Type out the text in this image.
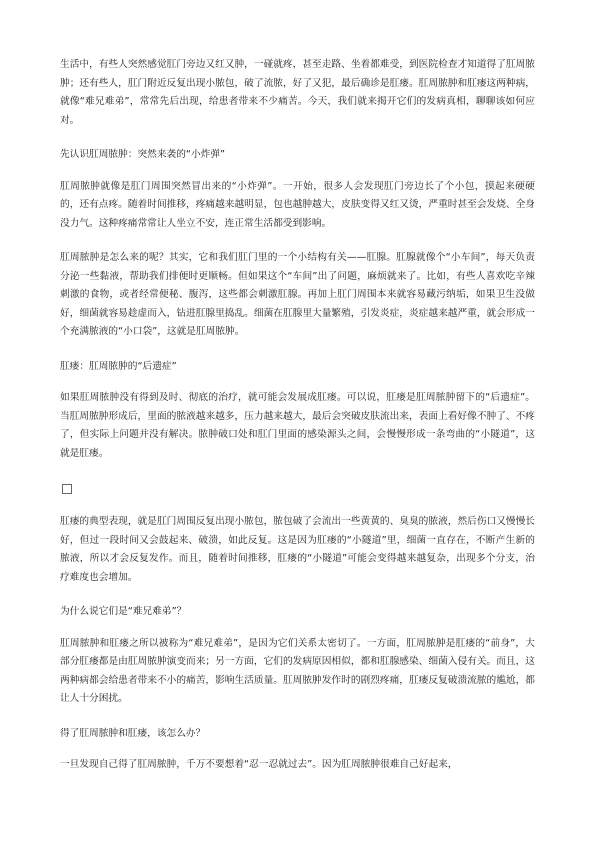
生活中，有些人突然感觉肛门旁边又红又肿，一碰就疼，甚至走路、坐着都难受，到医院检查才知道得了肛周脓肿；还有些人，肛门附近反复出现小脓包，破了流脓，好了又犯，最后确诊是肛瘘。肛周脓肿和肛瘘这两种病，就像“难兄难弟”，常常先后出现，给患者带来不少痛苦。今天，我们就来揭开它们的发病真相，聊聊该如何应对。

先认识肛周脓肿：突然来袭的“小炸弹”

肛周脓肿就像是肛门周围突然冒出来的“小炸弹”。一开始，很多人会发现肛门旁边长了个小包，摸起来硬硬的，还有点疼。随着时间推移，疼痛越来越明显，包也越肿越大，皮肤变得又红又烫，严重时甚至会发烧、全身没力气。这种疼痛常常让人坐立不安，连正常生活都受到影响。

肛周脓肿是怎么来的呢？其实，它和我们肛门里的一个小结构有关——肛腺。肛腺就像个“小车间”，每天负责分泌一些黏液，帮助我们排便时更顺畅。但如果这个“车间”出了问题，麻烦就来了。比如，有些人喜欢吃辛辣刺激的食物，或者经常便秘、腹泻，这些都会刺激肛腺。再加上肛门周围本来就容易藏污纳垢，如果卫生没做好，细菌就容易趁虚而入，钻进肛腺里捣乱。细菌在肛腺里大量繁殖，引发炎症，炎症越来越严重，就会形成一个充满脓液的“小口袋”，这就是肛周脓肿。

肛瘘：肛周脓肿的“后遗症”

如果肛周脓肿没有得到及时、彻底的治疗，就可能会发展成肛瘘。可以说，肛瘘是肛周脓肿留下的“后遗症”。当肛周脓肿形成后，里面的脓液越来越多，压力越来越大，最后会突破皮肤流出来，表面上看好像不肿了、不疼了，但实际上问题并没有解决。脓肿破口处和肛门里面的感染源头之间，会慢慢形成一条弯曲的“小隧道”，这就是肛瘘。

肛瘘的典型表现，就是肛门周围反复出现小脓包，脓包破了会流出一些黄黄的、臭臭的脓液，然后伤口又慢慢长好，但过一段时间又会鼓起来、破溃，如此反复。这是因为肛瘘的“小隧道”里，细菌一直存在，不断产生新的脓液，所以才会反复发作。而且，随着时间推移，肛瘘的“小隧道”可能会变得越来越复杂，出现多个分支，治疗难度也会增加。

为什么说它们是“难兄难弟”？

肛周脓肿和肛瘘之所以被称为“难兄难弟”，是因为它们关系太密切了。一方面，肛周脓肿是肛瘘的“前身”，大部分肛瘘都是由肛周脓肿演变而来；另一方面，它们的发病原因相似，都和肛腺感染、细菌入侵有关。而且，这两种病都会给患者带来不小的痛苦，影响生活质量。肛周脓肿发作时的剧烈疼痛，肛瘘反复破溃流脓的尴尬，都让人十分困扰。

得了肛周脓肿和肛瘘，该怎么办？

一旦发现自己得了肛周脓肿，千万不要想着“忍一忍就过去”。因为肛周脓肿很难自己好起来，
